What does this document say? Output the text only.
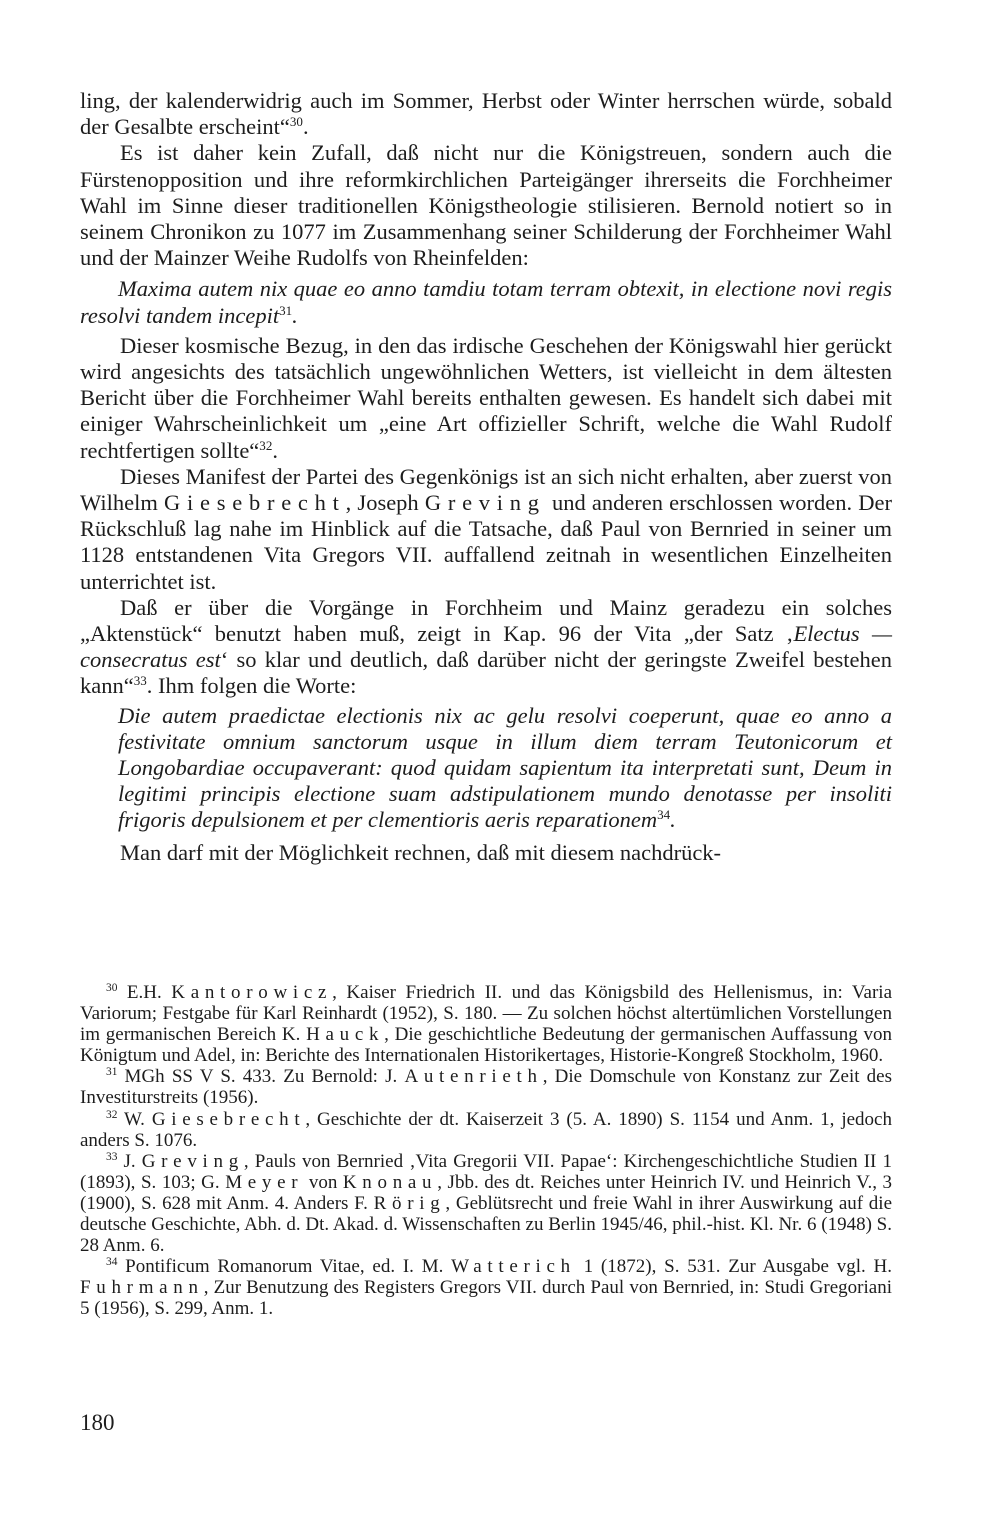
ling, der kalenderwidrig auch im Sommer, Herbst oder Winter herrschen würde, sobald der Gesalbte erscheint“$^{30}$.

Es ist daher kein Zufall, daß nicht nur die Königstreuen, sondern auch die Fürstenopposition und ihre reformkirchlichen Parteigänger ihrerseits die Forchheimer Wahl im Sinne dieser traditionellen Königstheologie stilisieren. Bernold notiert so in seinem Chronikon zu 1077 im Zusammenhang seiner Schilderung der Forchheimer Wahl und der Mainzer Weihe Rudolfs von Rheinfelden:

Maxima autem nix quae eo anno tamdiu totam terram obtexit, in electione novi regis resolvi tandem incepit$^{31}$.

Dieser kosmische Bezug, in den das irdische Geschehen der Königswahl hier gerückt wird angesichts des tatsächlich ungewöhnlichen Wetters, ist vielleicht in dem ältesten Bericht über die Forchheimer Wahl bereits enthalten gewesen. Es handelt sich dabei mit einiger Wahrscheinlichkeit um „eine Art offizieller Schrift, welche die Wahl Rudolf rechtfertigen sollte“$^{32}$.

Dieses Manifest der Partei des Gegenkönigs ist an sich nicht erhalten, aber zuerst von Wilhelm Giesebrecht, Joseph Greving und anderen erschlossen worden. Der Rückschluß lag nahe im Hinblick auf die Tatsache, daß Paul von Bernried in seiner um 1128 entstandenen Vita Gregors VII. auffallend zeitnah in wesentlichen Einzelheiten unterrichtet ist.

Daß er über die Vorgänge in Forchheim und Mainz geradezu ein solches „Aktenstück“ benutzt haben muß, zeigt in Kap. 96 der Vita „der Satz ‚Electus — consecratus est‘ so klar und deutlich, daß darüber nicht der geringste Zweifel bestehen kann“$^{33}$. Ihm folgen die Worte:

Die autem praedictae electionis nix ac gelu resolvi coeperunt, quae eo anno a festivitate omnium sanctorum usque in illum diem terram Teutonicorum et Longobardiae occupaverant: quod quidam sapientum ita interpretati sunt, Deum in legitimi principis electione suam adstipulationem mundo denotasse per insoliti frigoris depulsionem et per clementioris aeris reparationem$^{34}$.

Man darf mit der Möglichkeit rechnen, daß mit diesem nachdrück-

$^{30}$ E.H. Kantorowicz, Kaiser Friedrich II. und das Königsbild des Hellenismus, in: Varia Variorum; Festgabe für Karl Reinhardt (1952), S. 180. — Zu solchen höchst altertümlichen Vorstellungen im germanischen Bereich K. Hauck, Die geschichtliche Bedeutung der germanischen Auffassung von Königtum und Adel, in: Berichte des Internationalen Historikertages, Historie-Kongreß Stockholm, 1960.

$^{31}$ MGh SS V S. 433. Zu Bernold: J. Autenrieth, Die Domschule von Konstanz zur Zeit des Investiturstreits (1956).

$^{32}$ W. Giesebrecht, Geschichte der dt. Kaiserzeit 3 (5. A. 1890) S. 1154 und Anm. 1, jedoch anders S. 1076.

$^{33}$ J. Greving, Pauls von Bernried ‚Vita Gregorii VII. Papae‘: Kirchengeschichtliche Studien II 1 (1893), S. 103; G. Meyer von Knonau, Jbb. des dt. Reiches unter Heinrich IV. und Heinrich V., 3 (1900), S. 628 mit Anm. 4. Anders F. Rörig, Geblütsrecht und freie Wahl in ihrer Auswirkung auf die deutsche Geschichte, Abh. d. Dt. Akad. d. Wissenschaften zu Berlin 1945/46, phil.-hist. Kl. Nr. 6 (1948) S. 28 Anm. 6.

$^{34}$ Pontificum Romanorum Vitae, ed. I. M. Watterich 1 (1872), S. 531. Zur Ausgabe vgl. H. Fuhrmann, Zur Benutzung des Registers Gregors VII. durch Paul von Bernried, in: Studi Gregoriani 5 (1956), S. 299, Anm. 1.

180
